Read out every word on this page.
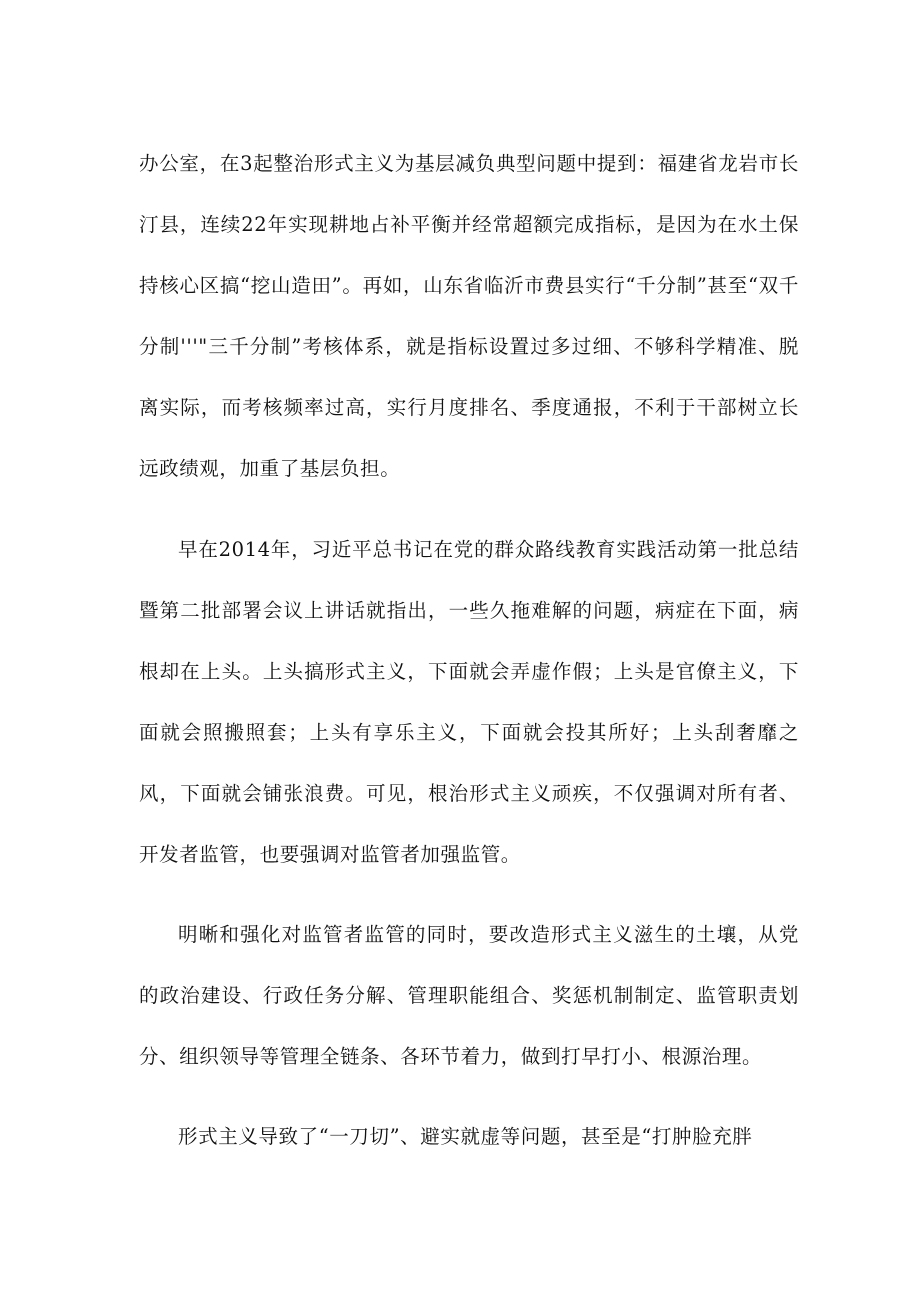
办公室，在3起整治形式主义为基层减负典型问题中提到：福建省龙岩市长汀县，连续22年实现耕地占补平衡并经常超额完成指标，是因为在水土保持核心区搞“挖山造田”。再如，山东省临沂市费县实行“千分制”甚至“双千分制'''"三千分制”考核体系，就是指标设置过多过细、不够科学精准、脱离实际，而考核频率过高，实行月度排名、季度通报，不利于干部树立长远政绩观，加重了基层负担。

早在2014年，习近平总书记在党的群众路线教育实践活动第一批总结暨第二批部署会议上讲话就指出，一些久拖难解的问题，病症在下面，病根却在上头。上头搞形式主义，下面就会弄虚作假；上头是官僚主义，下面就会照搬照套；上头有享乐主义，下面就会投其所好；上头刮奢靡之风，下面就会铺张浪费。可见，根治形式主义顽疾，不仅强调对所有者、开发者监管，也要强调对监管者加强监管。

明晰和强化对监管者监管的同时，要改造形式主义滋生的土壤，从党的政治建设、行政任务分解、管理职能组合、奖惩机制制定、监管职责划分、组织领导等管理全链条、各环节着力，做到打早打小、根源治理。

形式主义导致了“一刀切”、避实就虚等问题，甚至是“打肿脸充胖
